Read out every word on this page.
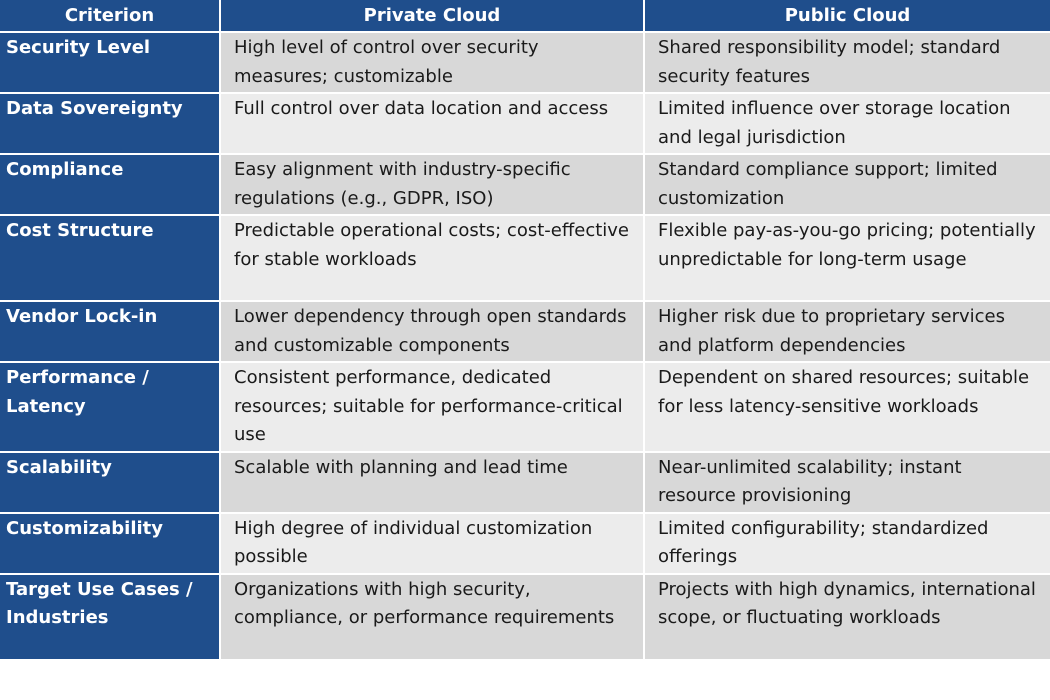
Criterion	Private Cloud	Public Cloud
Security Level	High level of control over security measures; customizable	Shared responsibility model; standard security features
Data Sovereignty	Full control over data location and access	Limited influence over storage location and legal jurisdiction
Compliance	Easy alignment with industry-specific regulations (e.g., GDPR, ISO)	Standard compliance support; limited customization
Cost Structure	Predictable operational costs; cost-effective for stable workloads	Flexible pay-as-you-go pricing; potentially unpredictable for long-term usage
Vendor Lock-in	Lower dependency through open standards and customizable components	Higher risk due to proprietary services and platform dependencies
Performance / Latency	Consistent performance, dedicated resources; suitable for performance-critical use	Dependent on shared resources; suitable for less latency-sensitive workloads
Scalability	Scalable with planning and lead time	Near-unlimited scalability; instant resource provisioning
Customizability	High degree of individual customization possible	Limited configurability; standardized offerings
Target Use Cases / Industries	Organizations with high security, compliance, or performance requirements	Projects with high dynamics, international scope, or fluctuating workloads
